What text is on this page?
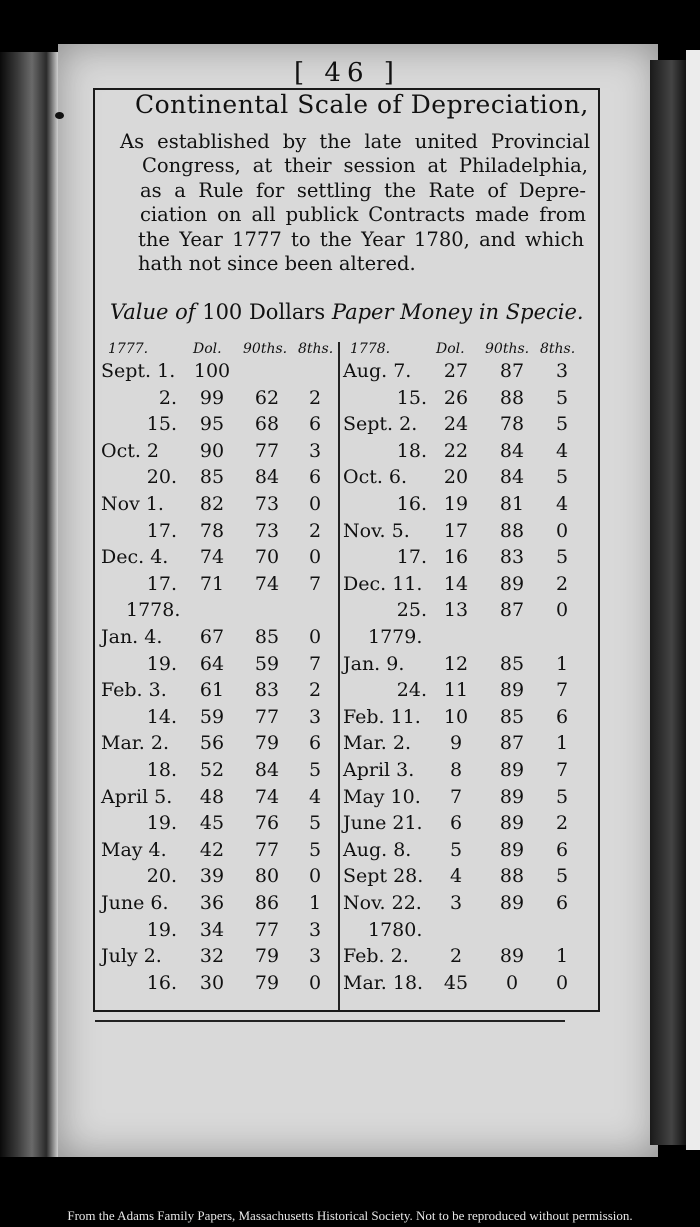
[ 46 ]
Continental Scale of Depreciation,
As established by the late united Provincial
Congress, at their session at Philadelphia,
as a Rule for settling the Rate of Depre-
ciation on all publick Contracts made from
the Year 1777 to the Year 1780, and which
hath not since been altered.
Value of 100 Dollars Paper Money in Specie.
1777.	Dol. 90ths. 8ths. 1778.	Dol. 90ths. 8ths.
Sept. 1. 100
2.	99	62	2
15.	95	68	6
Oct. 2	90	77	3
20.	85	84	6
Nov 1.	82	73	0
17.	78	73	2
Dec. 4.	74	70	0
17.	71	74	7
1778.
Jan. 4.	67	85	0
19.	64	59	7
Feb. 3.	61	83	2
14.	59	77	3
Mar. 2.	56	79	6
18.	52	84	5
April 5.	48	74	4
19.	45	76	5
May 4.	42	77	5
20.	39	80	0
June 6.	36	86	1
19.	34	77	3
July 2.	32	79	3
16.	30	79	0
Aug. 7.	27	87	3
15. 26	88	5
Sept. 2.	24	78	5
18. 22	84	4
Oct. 6.	20	84	5
16. 19	81	4
Nov. 5.	17	88	0
17. 16	83	5
Dec. 11.	14	89	2
25. 13	87	0
1779.
Jan. 9.	12	85	1
24. 11	89	7
Feb. 11.	10	85	6
Mar. 2.	9	87	1
April 3.	8	89	7
May 10.	7	89	5
June 21.	6	89	2
Aug. 8.	5	89	6
Sept 28.	4	88	5
Nov. 22.	3	89	6
1780.
Feb. 2.	2	89	1
Mar. 18.	45	0	0
From the Adams Family Papers, Massachusetts Historical Society. Not to be reproduced without permission.
